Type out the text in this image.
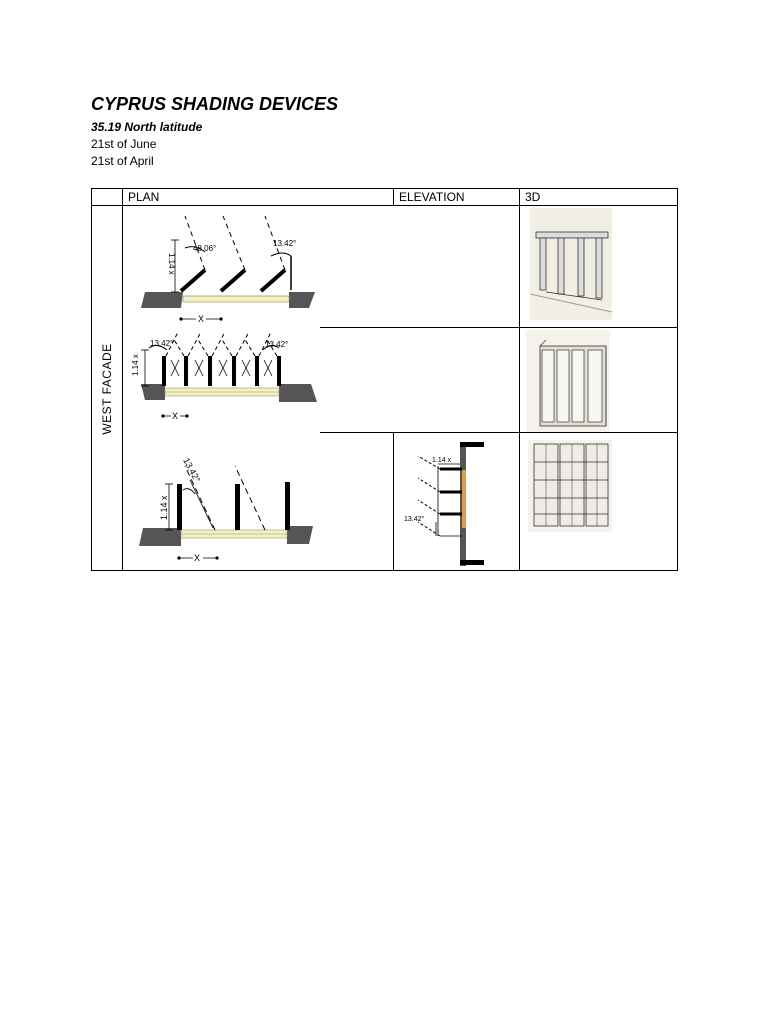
CYPRUS SHADING DEVICES
35.19 North latitude
21st of June
21st of April
PLAN	ELEVATION	3D
WEST FACADE
48.06°
13.42°
1.14 x
X
13.42°	13.42°
1.14 x
X
13.42°
1.14 x
X
1.14 x
13.42°
